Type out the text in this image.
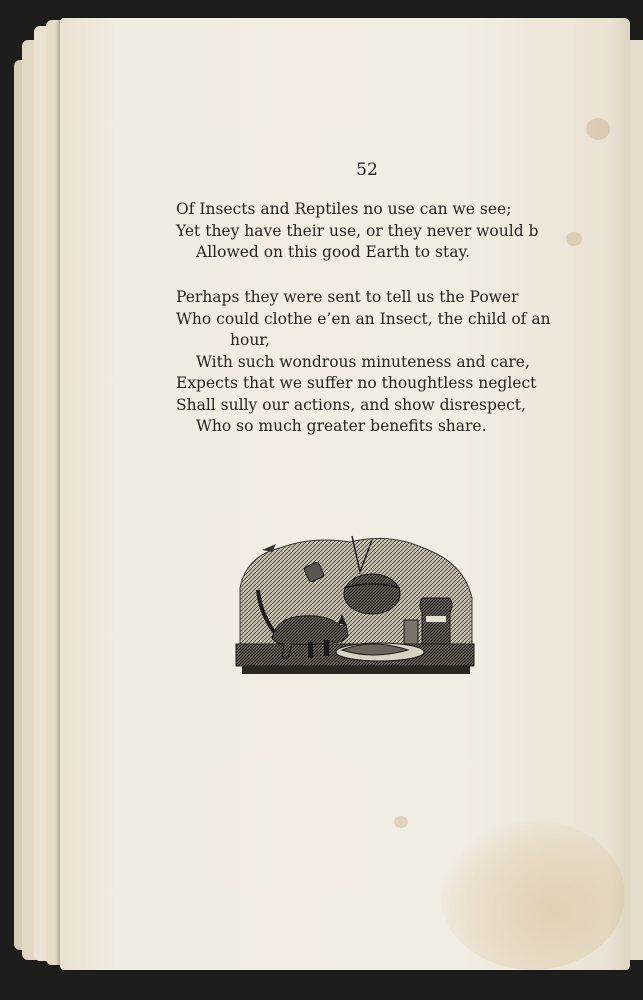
52
Of Insects and Reptiles no use can we see;
Yet they have their use, or they never would b
Allowed on this good Earth to stay.
Perhaps they were sent to tell us the Power
Who could clothe e’en an Insect, the child of an
hour,
With such wondrous minuteness and care,
Expects that we suffer no thoughtless neglect
Shall sully our actions, and show disrespect,
Who so much greater benefits share.
